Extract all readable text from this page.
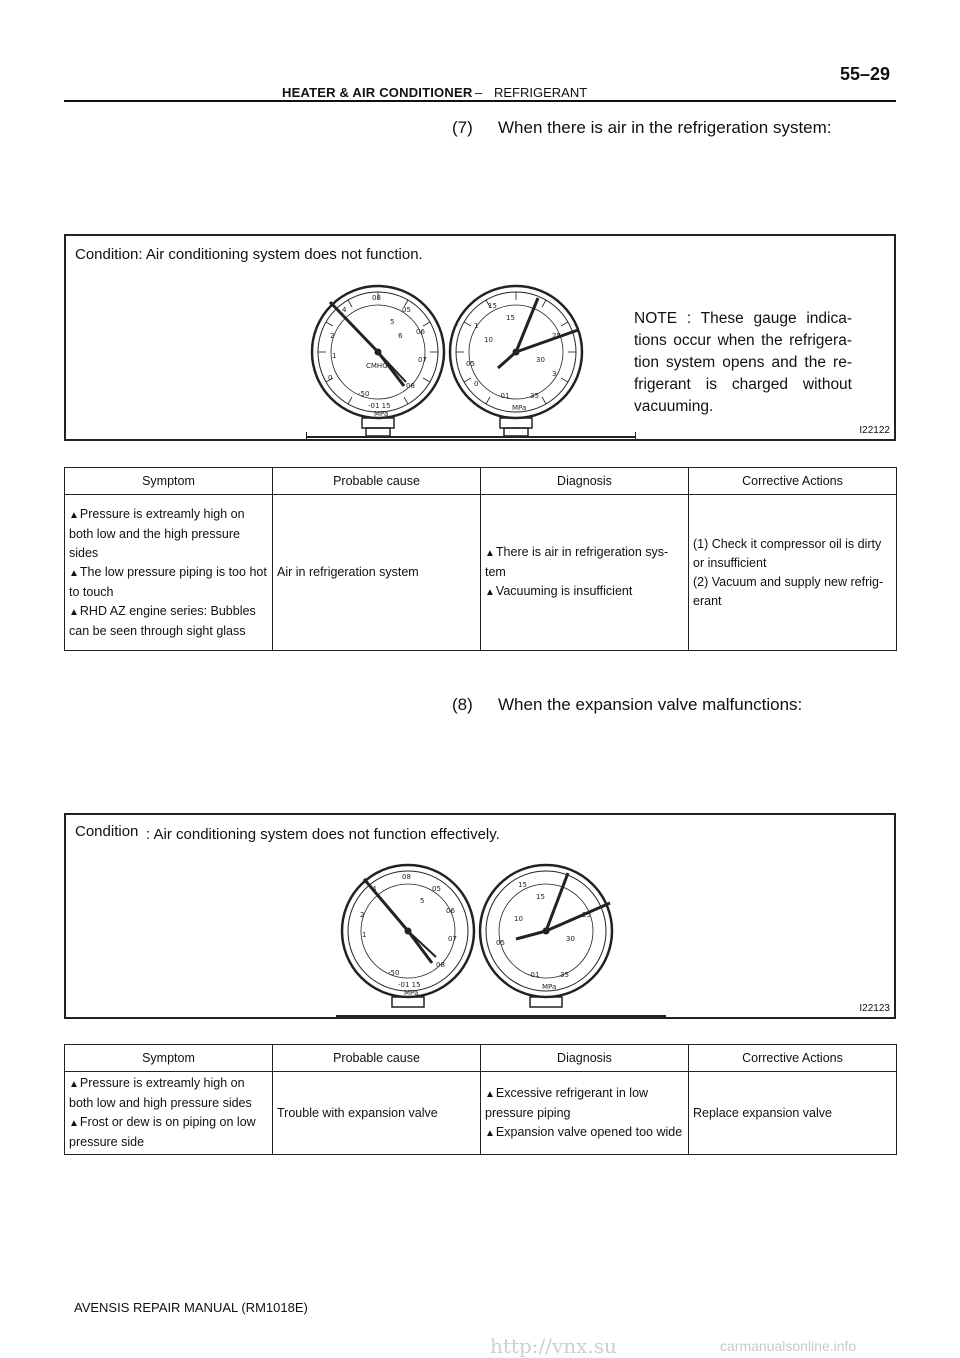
55–29
HEATER & AIR CONDITIONER – REFRIGERANT
(7) When there is air in the refrigeration system:
Condition: Air conditioning system does not function.
08
05
06
07
08
4
5
6
2
1
0
-50
-01 15
MPa
CMHG
15
15
1
10	25
30
05
0
-01	35
MPa
3
NOTE : These gauge indica-tions occur when the refrigera-tion system opens and the re-frigerant is charged without vacuuming.
I22122
Symptom	Probable cause	Diagnosis	Corrective Actions

▲ Pressure is extreamly high on both low and the high pressure sides
▲ The low pressure piping is too hot to touch
▲ RHD AZ engine series: Bubbles can be seen through sight glass	Air in refrigeration system	▲ There is air in refrigeration sys-tem
▲ Vacuuming is insufficient	(1) Check it compressor oil is dirty or insufficient
(2) Vacuum and supply new refrig-erant
(8) When the expansion valve malfunctions:
Condition : Air conditioning system does not function effectively.
08
05
06
07
08
4
5
2
1
-50
-01 15
MPa
15
15
10	25
30
05
-01	35
MPa
I22123
Symptom	Probable cause	Diagnosis	Corrective Actions

▲ Pressure is extreamly high on both low and high pressure sides
▲ Frost or dew is on piping on low pressure side	Trouble with expansion valve	▲ Excessive refrigerant in low pressure piping
▲ Expansion valve opened too wide	Replace expansion valve
AVENSIS REPAIR MANUAL (RM1018E)
http://vnx.su	carmanualsonline.info
